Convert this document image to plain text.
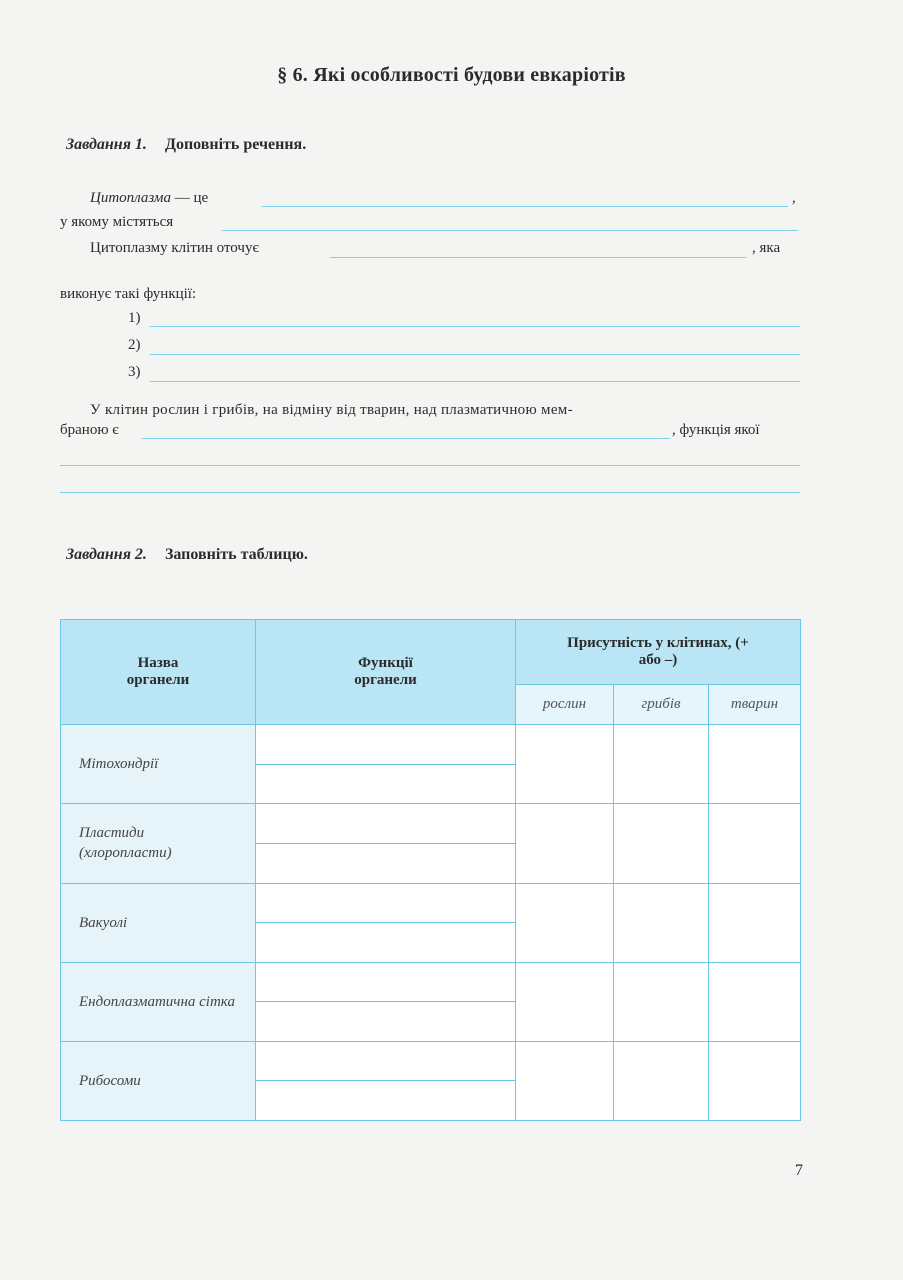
§ 6. Які особливості будови евкаріотів
Завдання 1. Доповніть речення.
Цитоплазма — це	,
у якому містяться
Цитоплазму клітин оточує	, яка
виконує такі функції:
1)
2)
3)
У клітин рослин і грибів, на відміну від тварин, над плазматичною мем-
браною є	, функція якої
Завдання 2. Заповніть таблицю.
Назва органели	Функції органели	Присутність у клітинах, (+ або –)		

		рослин	грибів	тварин
Мітохондрії	

Пластиди (хлоропласти)				

Вакуолі	

Ендоплазматична сітка				

Рибосоми	

7
